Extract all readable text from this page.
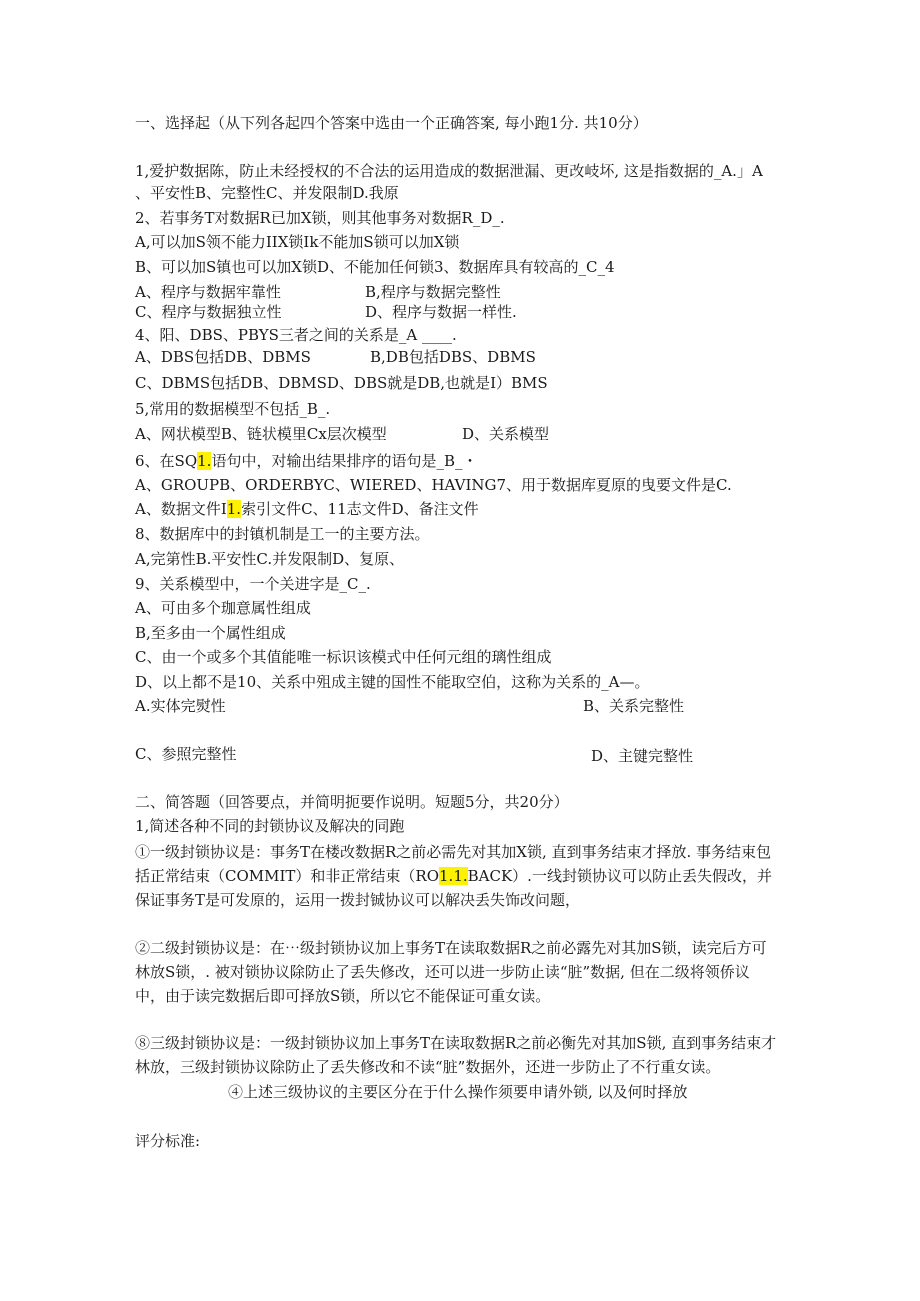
一、选择起（从下列各起四个答案中选由一个正确答案, 每小跑1分. 共10分）
1,爱护数据陈，防止未经授权的不合法的运用造成的数据泄漏、更改岐坏, 这是指数据的_A.」A
、平安性B、完整性C、并发限制D.我原
2、若事务T对数据R已加X锁，则其他事务对数据R_D_.
A,可以加S领不能力IIX锁Ik不能加S锁可以加X锁
B、可以加S镇也可以加X锁D、不能加任何锁3、数据库具有较高的_C_4
A、程序与数据牢靠性	B,程序与数据完整性
C、程序与数据独立性	D、程序与数据一样性.
4、阳、DBS、PBYS三者之间的关系是_A ____.
A、DBS包括DB、DBMS	B,DB包括DBS、DBMS
C、DBMS包括DB、DBMSD、DBS就是DB,也就是I）BMS
5,常用的数据模型不包括_B_.
A、网状模型B、链状模里Cx层次模型	D、关系模型
6、在SQ1.语句中，对输出结果排序的语句是_B_・
A、GROUPB、ORDERBYC、WIERED、HAVING7、用于数据库夏原的曳要文件是C.
A、数据文件I1.索引文件C、11志文件D、备注文件
8、数据库中的封镇机制是工一的主要方法。
A,完第性B.平安性C.并发限制D、复原、
9、关系模型中，一个关进字是_C_.
A、可由多个珈意属性组成
B,至多由一个属性组成
C、由一个或多个其值能唯一标识该模式中任何元组的璃性组成
D、以上都不是10、关系中殂成主键的国性不能取空伯，这称为关系的_A—。
A.实体完熨性	B、关系完整性
C、参照完整性	D、主键完整性
二、简答题（回答要点，并简明扼要作说明。短题5分，共20分）
1,简述各种不同的封锁协议及解决的同跑
①一级封锁协议是：事务T在楼改数据R之前必需先对其加X锁, 直到事务结束才择放. 事务结束包
括正常结束（COMMIT）和非正常结束（RO1.1.BACK）.一线封锁协议可以防止丢失假改，并
保证事务T是可发原的，运用一拨封铖协议可以解决丢失饰改问题，
②二级封锁协议是：在⋯级封锁协议加上事务T在读取数据R之前必露先对其加S锁，读完后方可
林放S锁，. 被对锁协议除防止了丢失修改，还可以进一步防止读“脏”数据, 但在二级将领侨议
中，由于读完数据后即可择放S锁，所以它不能保证可重女读。
⑧三级封锁协议是：一级封锁协议加上事务T在读取数据R之前必衡先对其加S锁, 直到事务结束才
林放，三级封锁协议除防止了丢失修改和不读“脏”数据外，还进一步防止了不行重女读。
④上述三级协议的主要区分在于什么操作须要申请外锁, 以及何时择放
评分标准:
